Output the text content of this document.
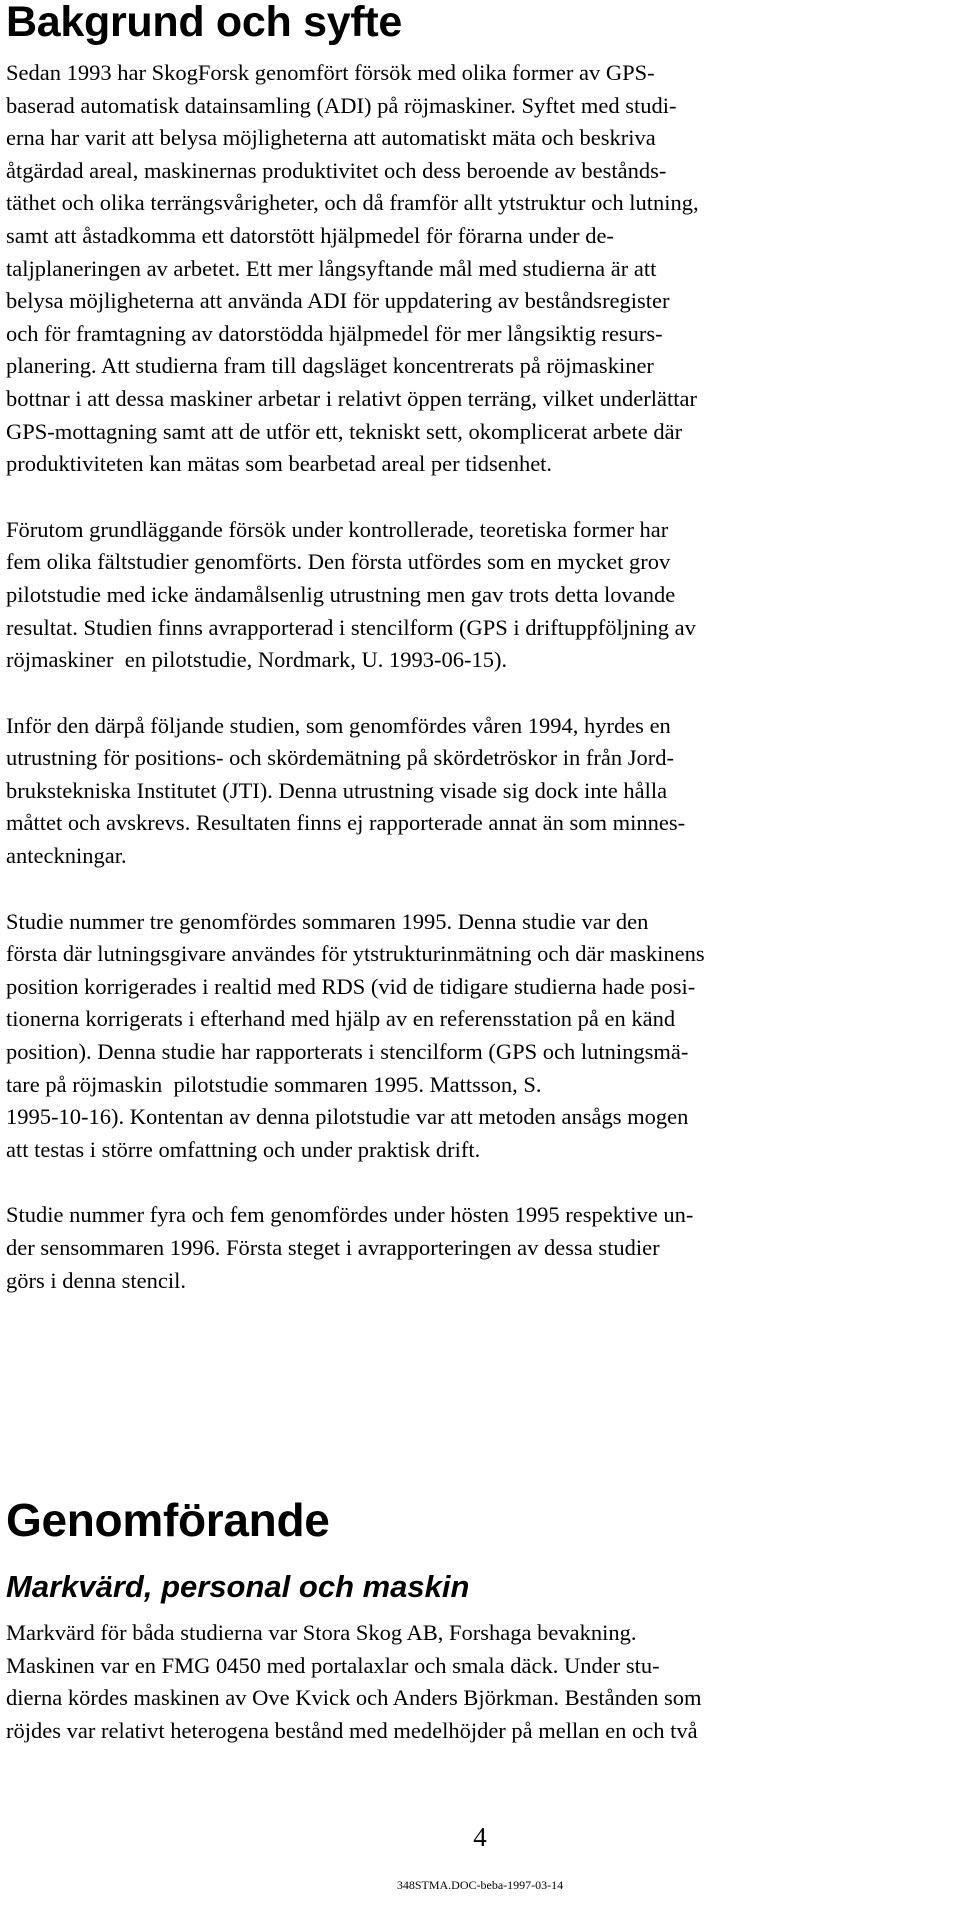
Bakgrund och syfte
Sedan 1993 har SkogForsk genomfört försök med olika former av GPS-
baserad automatisk datainsamling (ADI) på röjmaskiner. Syftet med studi-
erna har varit att belysa möjligheterna att automatiskt mäta och beskriva
åtgärdad areal, maskinernas produktivitet och dess beroende av bestånds-
täthet och olika terrängsvårigheter, och då framför allt ytstruktur och lutning,
samt att åstadkomma ett datorstött hjälpmedel för förarna under de-
taljplaneringen av arbetet. Ett mer långsyftande mål med studierna är att
belysa möjligheterna att använda ADI för uppdatering av beståndsregister
och för framtagning av datorstödda hjälpmedel för mer långsiktig resurs-
planering. Att studierna fram till dagsläget koncentrerats på röjmaskiner
bottnar i att dessa maskiner arbetar i relativt öppen terräng, vilket underlättar
GPS-mottagning samt att de utför ett, tekniskt sett, okomplicerat arbete där
produktiviteten kan mätas som bearbetad areal per tidsenhet.
Förutom grundläggande försök under kontrollerade, teoretiska former har
fem olika fältstudier genomförts. Den första utfördes som en mycket grov
pilotstudie med icke ändamålsenlig utrustning men gav trots detta lovande
resultat. Studien finns avrapporterad i stencilform (GPS i driftuppföljning av
röjmaskiner  en pilotstudie, Nordmark, U. 1993-06-15).
Inför den därpå följande studien, som genomfördes våren 1994, hyrdes en
utrustning för positions- och skördemätning på skördetröskor in från Jord-
brukstekniska Institutet (JTI). Denna utrustning visade sig dock inte hålla
måttet och avskrevs. Resultaten finns ej rapporterade annat än som minnes-
anteckningar.
Studie nummer tre genomfördes sommaren 1995. Denna studie var den
första där lutningsgivare användes för ytstrukturinmätning och där maskinens
position korrigerades i realtid med RDS (vid de tidigare studierna hade posi-
tionerna korrigerats i efterhand med hjälp av en referensstation på en känd
position). Denna studie har rapporterats i stencilform (GPS och lutningsmä-
tare på röjmaskin  pilotstudie sommaren 1995. Mattsson, S.
1995-10-16). Kontentan av denna pilotstudie var att metoden ansågs mogen
att testas i större omfattning och under praktisk drift.
Studie nummer fyra och fem genomfördes under hösten 1995 respektive un-
der sensommaren 1996. Första steget i avrapporteringen av dessa studier
görs i denna stencil.
Genomförande
Markvärd, personal och maskin
Markvärd för båda studierna var Stora Skog AB, Forshaga bevakning.
Maskinen var en FMG 0450 med portalaxlar och smala däck. Under stu-
dierna kördes maskinen av Ove Kvick och Anders Björkman. Bestånden som
röjdes var relativt heterogena bestånd med medelhöjder på mellan en och två
4
348STMA.DOC-beba-1997-03-14
